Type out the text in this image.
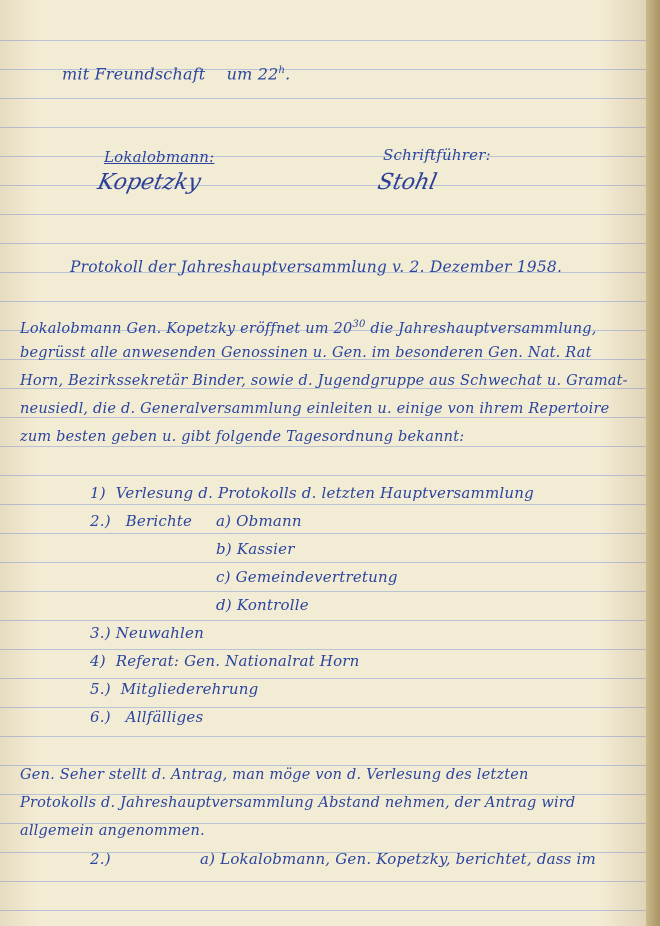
mit Freundschaft um 22$^h$.
Lokalobmann:
Kopetzky
Schriftführer:
Stohl
Protokoll der Jahreshauptversammlung v. 2. Dezember 1958.
Lokalobmann Gen. Kopetzky eröffnet um $20^{30}$ die Jahreshauptversammlung,
begrüsst alle anwesenden Genossinen u. Gen. im besonderen Gen. Nat. Rat
Horn, Bezirkssekretär Binder, sowie d. Jugendgruppe aus Schwechat u. Gramat-
neusiedl, die d. Generalversammlung einleiten u. einige von ihrem Repertoire
zum besten geben u. gibt folgende Tagesordnung bekannt:
1) Verlesung d. Protokolls d. letzten Hauptversammlung
2.) Berichte a) Obmann
b) Kassier
c) Gemeindevertretung
d) Kontrolle
3.) Neuwahlen
4) Referat: Gen. Nationalrat Horn
5.) Mitgliederehrung
6.) Allfälliges
Gen. Seher stellt d. Antrag, man möge von d. Verlesung des letzten
Protokolls d. Jahreshauptversammlung Abstand nehmen, der Antrag wird
allgemein angenommen.
2.)	a) Lokalobmann, Gen. Kopetzky, berichtet, dass im
